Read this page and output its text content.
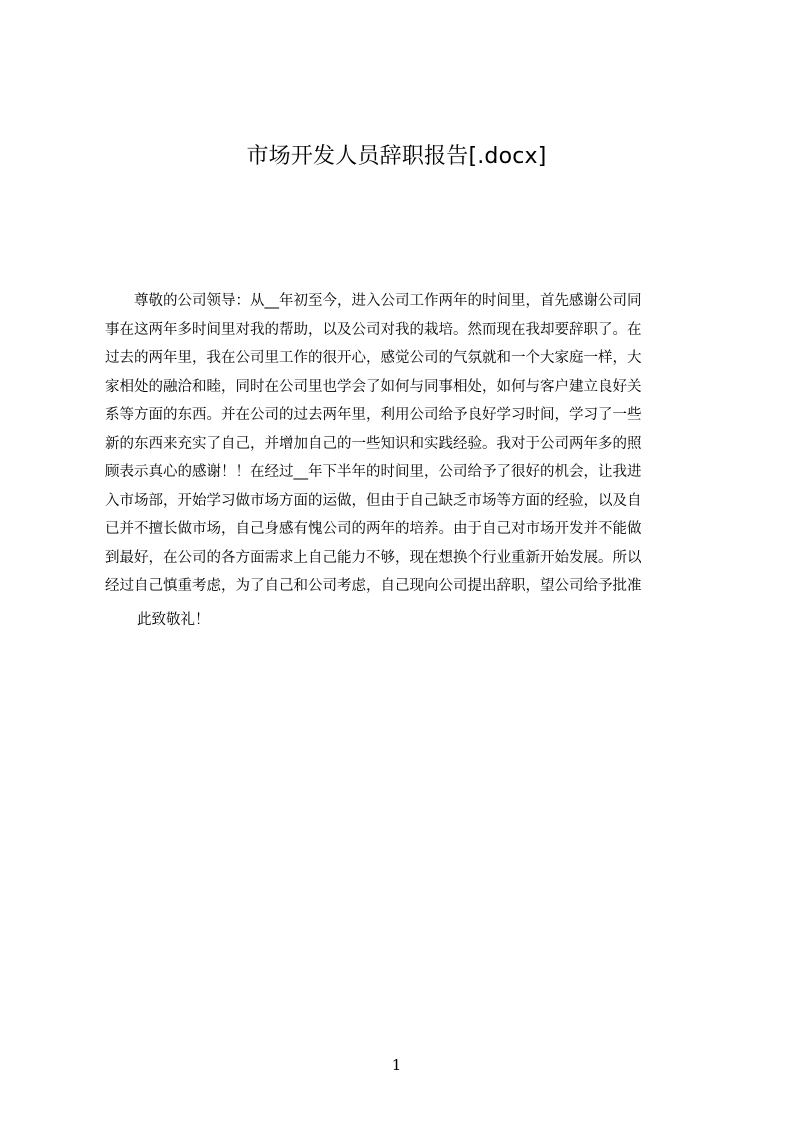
市场开发人员辞职报告[.docx]
尊敬的公司领导：从__年初至今，进入公司工作两年的时间里，首先感谢公司同
事在这两年多时间里对我的帮助，以及公司对我的栽培。然而现在我却要辞职了。在
过去的两年里，我在公司里工作的很开心，感觉公司的气氛就和一个大家庭一样，大
家相处的融洽和睦，同时在公司里也学会了如何与同事相处，如何与客户建立良好关
系等方面的东西。并在公司的过去两年里，利用公司给予良好学习时间，学习了一些
新的东西来充实了自己，并增加自己的一些知识和实践经验。我对于公司两年多的照
顾表示真心的感谢！！在经过__年下半年的时间里，公司给予了很好的机会，让我进
入市场部，开始学习做市场方面的运做，但由于自己缺乏市场等方面的经验，以及自
已并不擅长做市场，自己身感有愧公司的两年的培养。由于自己对市场开发并不能做
到最好，在公司的各方面需求上自己能力不够，现在想换个行业重新开始发展。所以
经过自己慎重考虑，为了自己和公司考虑，自己现向公司提出辞职，望公司给予批准
此致敬礼！
1
